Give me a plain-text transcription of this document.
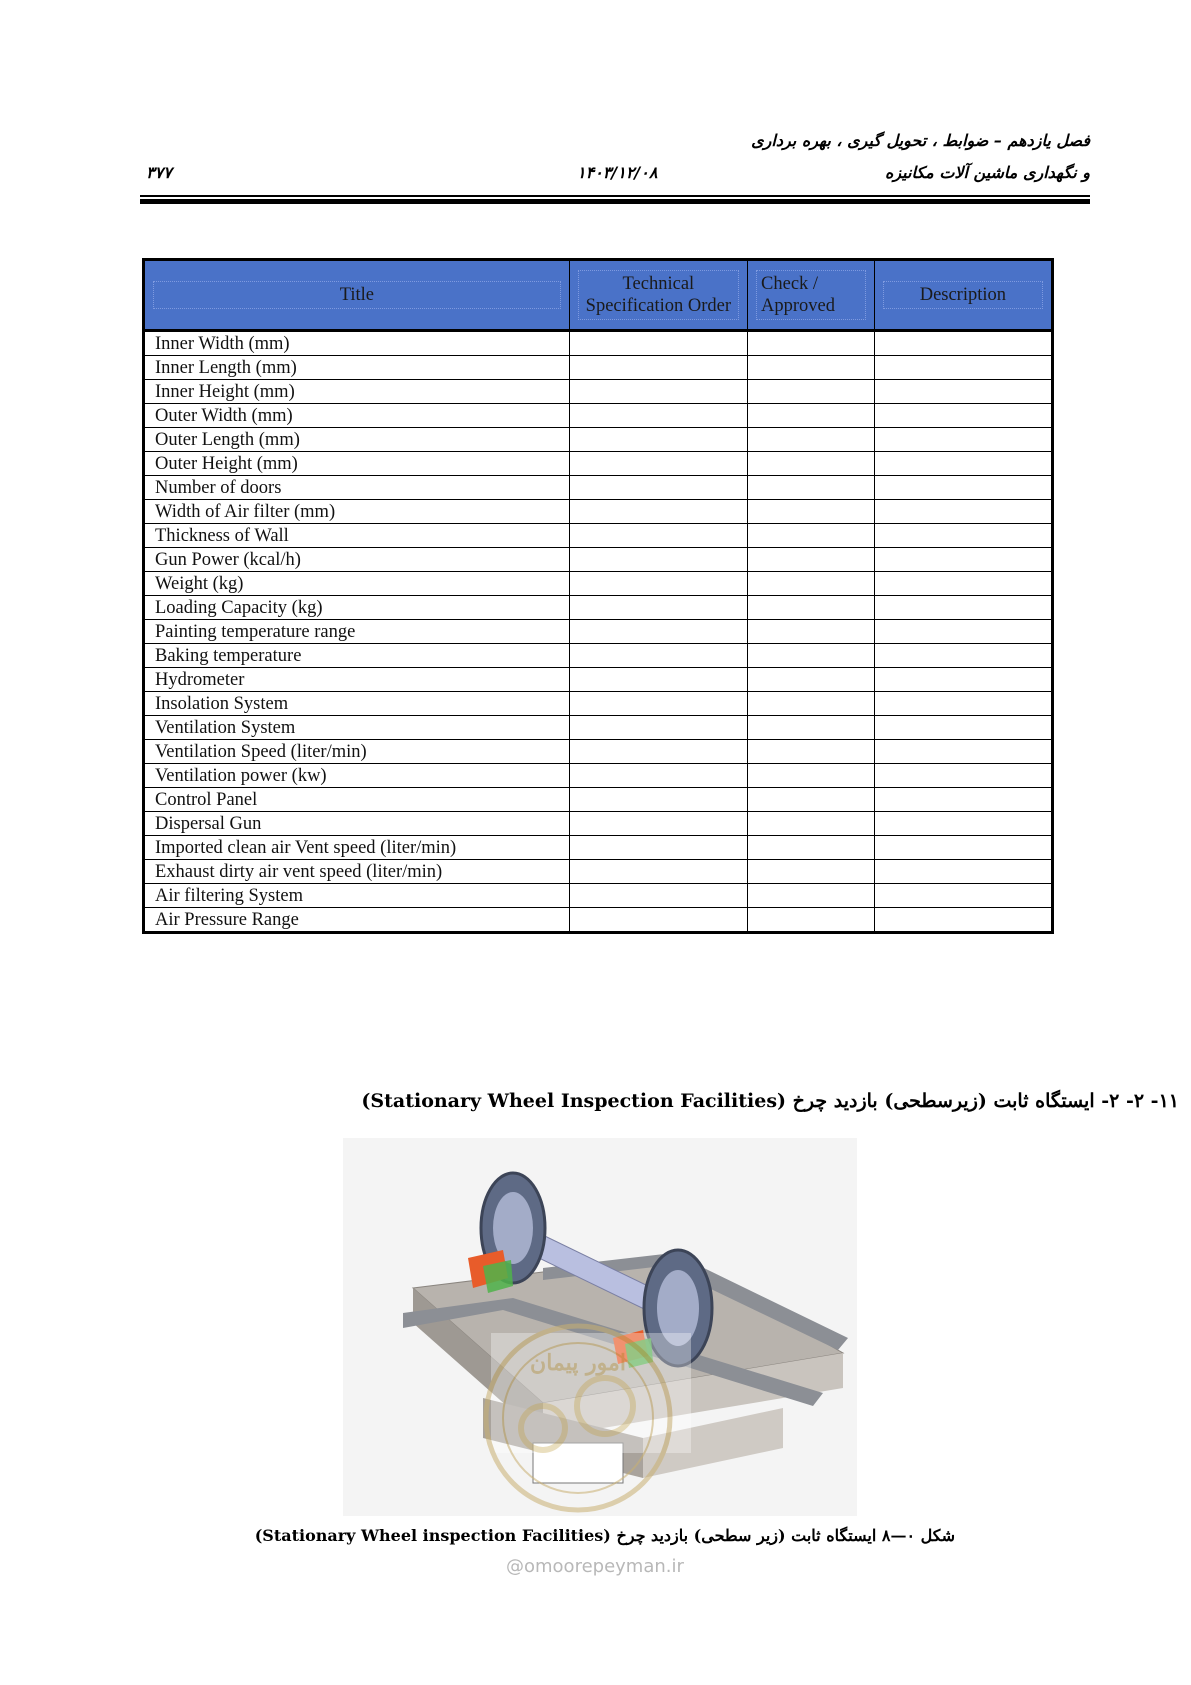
فصل یازدهم – ضوابط ، تحویل گیری ، بهره برداری
و نگهداری ماشین آلات مکانیزه
۱۴۰۳/۱۲/۰۸
۳۷۷
Title	Technical Specification Order	Check / Approved	Description

Inner Width (mm)			
Inner Length (mm)			
Inner Height (mm)			
Outer Width (mm)			
Outer Length (mm)			
Outer Height (mm)			
Number of doors			
Width of Air filter (mm)			
Thickness of Wall			
Gun Power (kcal/h)			
Weight (kg)			
Loading Capacity (kg)			
Painting temperature range			
Baking temperature			
Hydrometer			
Insolation System			
Ventilation System			
Ventilation Speed (liter/min)			
Ventilation power (kw)			
Control Panel			
Dispersal Gun			
Imported clean air Vent speed (liter/min)			
Exhaust dirty air vent speed (liter/min)			
Air filtering System			
Air Pressure Range			
۱۱- ۲- ۲- ایستگاه ثابت (زیرسطحی) بازدید چرخ (Stationary Wheel Inspection Facilities)
امور پیمان
شکل ۰—۸ ایستگاه ثابت (زیر سطحی) بازدید چرخ (Stationary Wheel inspection Facilities)
@omoorepeyman.ir
